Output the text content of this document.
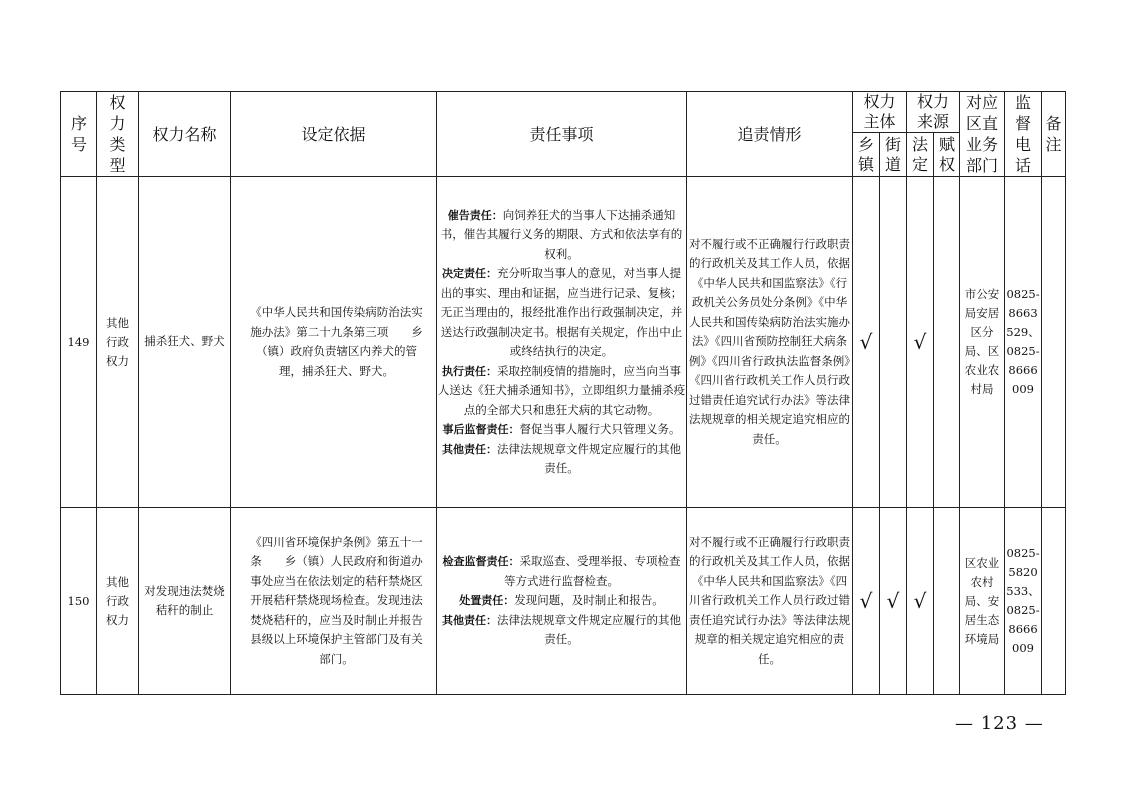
序号	权力类型	权力名称	设定依据	责任事项	追责情形	权力主体		权力来源		对应区直业务部门	监督电话	备注
						乡镇	街道	法定	赋权			
149	其他行政权力	捕杀狂犬、野犬	《中华人民共和国传染病防治法实施办法》第二十九条第三项　　乡（镇）政府负责辖区内养犬的管理，捕杀狂犬、野犬。	催告责任：向饲养狂犬的当事人下达捕杀通知书，催告其履行义务的期限、方式和依法享有的权利。

决定责任：充分听取当事人的意见，对当事人提出的事实、理由和证据，应当进行记录、复核；无正当理由的，报经批准作出行政强制决定，并送达行政强制决定书。根据有关规定，作出中止或终结执行的决定。

执行责任：采取控制疫情的措施时，应当向当事人送达《狂犬捕杀通知书》，立即组织力量捕杀疫点的全部犬只和患狂犬病的其它动物。

事后监督责任：督促当事人履行犬只管理义务。

其他责任：法律法规规章文件规定应履行的其他责任。	对不履行或不正确履行行政职责的行政机关及其工作人员，依据《中华人民共和国监察法》《行政机关公务员处分条例》《中华人民共和国传染病防治法实施办法》《四川省预防控制狂犬病条例》《四川省行政执法监督条例》《四川省行政机关工作人员行政过错责任追究试行办法》等法律法规规章的相关规定追究相应的责任。	√		√		市公安局安居区分局、区农业农村局	0825-8663529、0825-8666009	
150	其他行政权力	对发现违法焚烧秸秆的制止	《四川省环境保护条例》第五十一条　　乡（镇）人民政府和街道办事处应当在依法划定的秸秆禁烧区开展秸秆禁烧现场检查。发现违法焚烧秸秆的，应当及时制止并报告县级以上环境保护主管部门及有关部门。	检查监督责任：采取巡查、受理举报、专项检查等方式进行监督检查。

处置责任：发现问题，及时制止和报告。

其他责任：法律法规规章文件规定应履行的其他责任。	对不履行或不正确履行行政职责的行政机关及其工作人员，依据《中华人民共和国监察法》《四川省行政机关工作人员行政过错责任追究试行办法》等法律法规规章的相关规定追究相应的责任。	√	√	√		区农业农村局、安居生态环境局	0825-5820533、0825-8666009	
— 123 —
